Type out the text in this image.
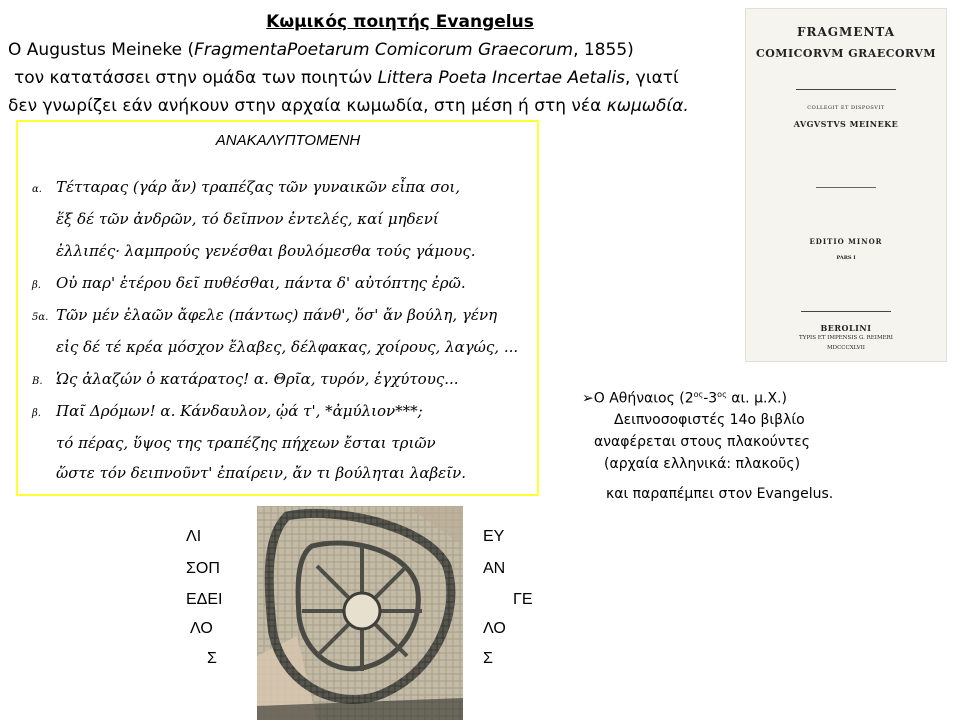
Κωμικός ποιητής Evangelus
Ο Augustus Meineke (FragmentaPoetarum Comicorum Graecorum, 1855)
τον κατατάσσει στην ομάδα των ποιητών Littera Poeta Incertae Aetalis, γιατί
δεν γνωρίζει εάν ανήκουν στην αρχαία κωμωδία, στη μέση ή στη νέα κωμωδία.
ΑΝΑΚΑΛΥΠΤΟΜΕΝΗ
α. Τέτταρας (γάρ ἄν) τραπέζας τῶν γυναικῶν εἶπα σοι,
ἕξ δέ τῶν ἀνδρῶν, τό δεῖπνον ἐντελές, καί μηδενί
ἐλλιπές· λαμπρούς γενέσθαι βουλόμεσθα τούς γάμους.
β. Οὐ παρ' ἑτέρου δεῖ πυθέσθαι, πάντα δ' αὐτόπτης ἐρῶ.
5α. Τῶν μέν ἐλαῶν ἄφελε (πάντως) πάνθ', ὅσ' ἄν βούλη, γένη
εἰς δέ τέ κρέα μόσχον ἔλαβες, δέλφακας, χοίρους, λαγώς, ...
Β. Ὡς ἀλαζών ὁ κατάρατος! α. Θρῖα, τυρόν, ἐγχύτους...
β. Παῖ Δρόμων! α. Κάνδαυλον, ᾠά τ', *ἀμύλιον***;
τό πέρας, ὕψος της τραπέζης πήχεων ἔσται τριῶν
ὥστε τόν δειπνοῦντ' ἐπαίρειν, ἄν τι βούληται λαβεῖν.
FRAGMENTA
COMICORVM GRAECORVM
COLLEGIT ET DISPOSVIT
AVGVSTVS MEINEKE
EDITIO MINOR
PARS I
BEROLINI
TYPIS ET IMPENSIS G. REIMERI
MDCCCXLVII
➢Ο Αθήναιος ($2^{o\varsigma}-3^{o\varsigma}$ αι. μ.Χ.)
Δειπνοσοφιστές 14ο βιβλίο
αναφέρεται στους πλακούντες
(αρχαία ελληνικά: πλακοῦς)
και παραπέμπει στον Evangelus.
ΛΙ
ΣΟΠ
ΕΔΕΙ
ΛΟ
Σ
ΕΥ
ΑΝ
ΓΕ
ΛΟ
Σ
